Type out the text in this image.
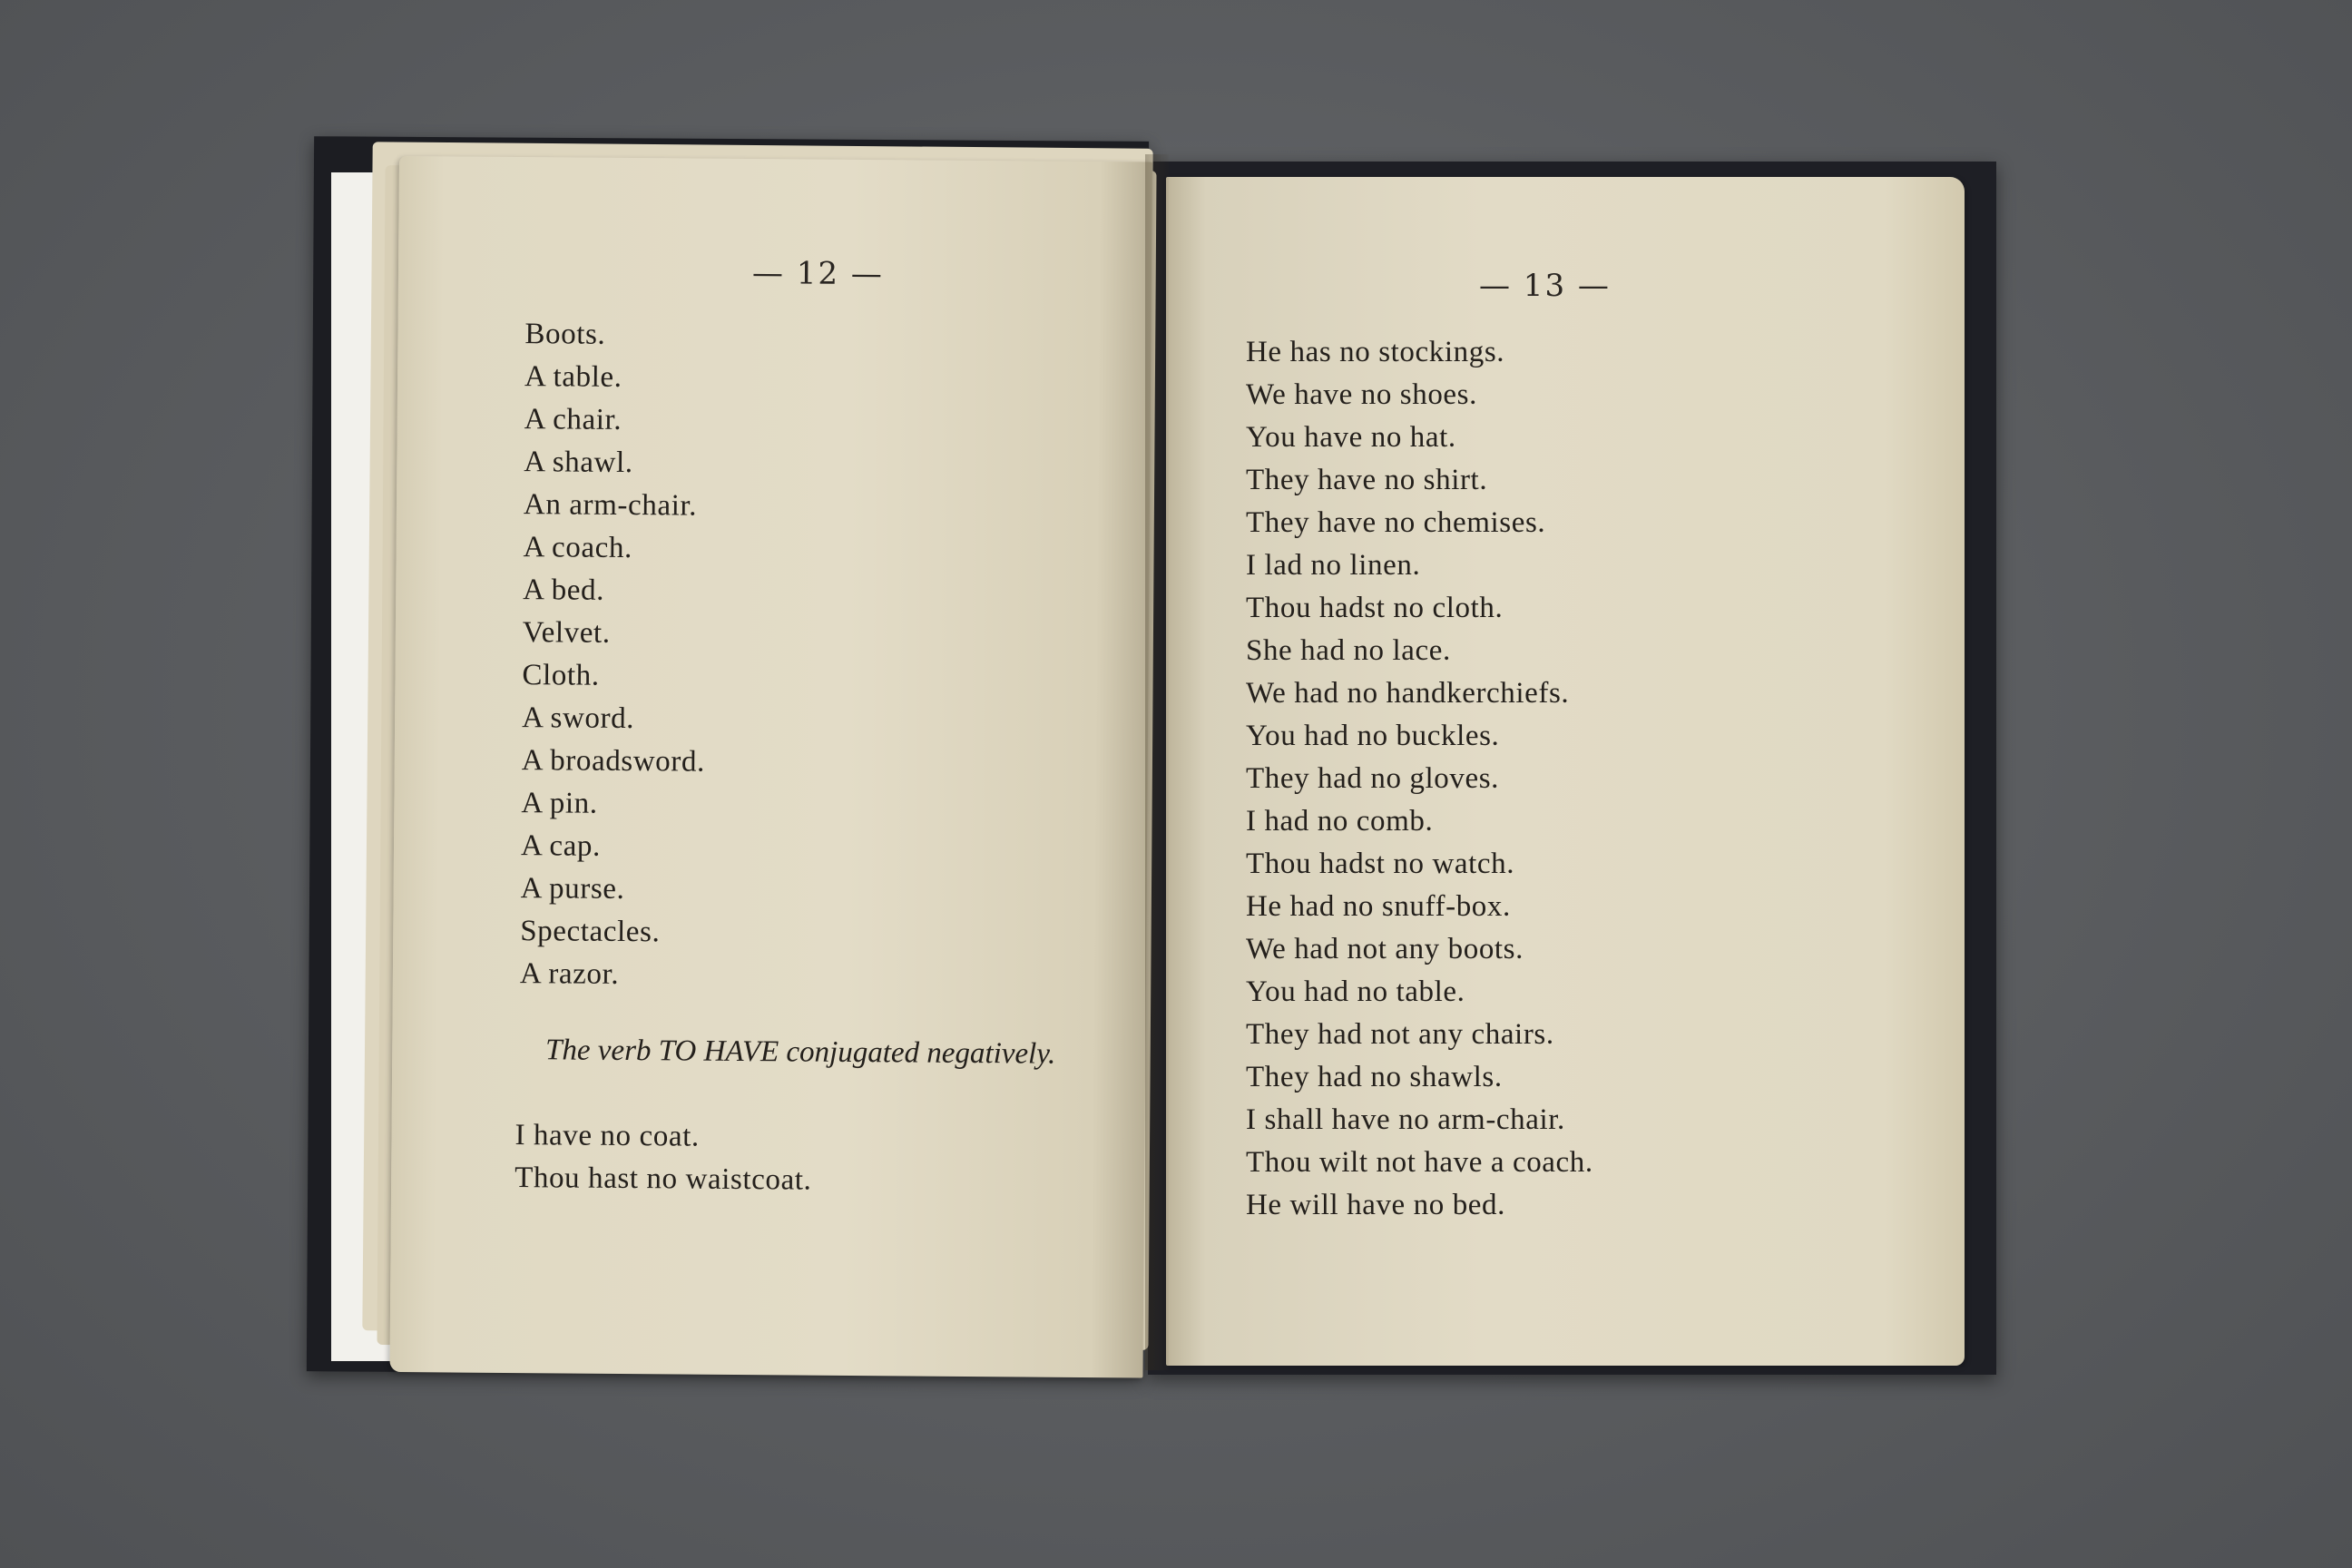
— 12 —
Boots.
A table.
A chair.
A shawl.
An arm-chair.
A coach.
A bed.
Velvet.
Cloth.
A sword.
A broadsword.
A pin.
A cap.
A purse.
Spectacles.
A razor.
The verb TO HAVE conjugated negatively.
I have no coat.
Thou hast no waistcoat.
— 13 —
He has no stockings.
We have no shoes.
You have no hat.
They have no shirt.
They have no chemises.
I lad no linen.
Thou hadst no cloth.
She had no lace.
We had no handkerchiefs.
You had no buckles.
They had no gloves.
I had no comb.
Thou hadst no watch.
He had no snuff-box.
We had not any boots.
You had no table.
They had not any chairs.
They had no shawls.
I shall have no arm-chair.
Thou wilt not have a coach.
He will have no bed.
